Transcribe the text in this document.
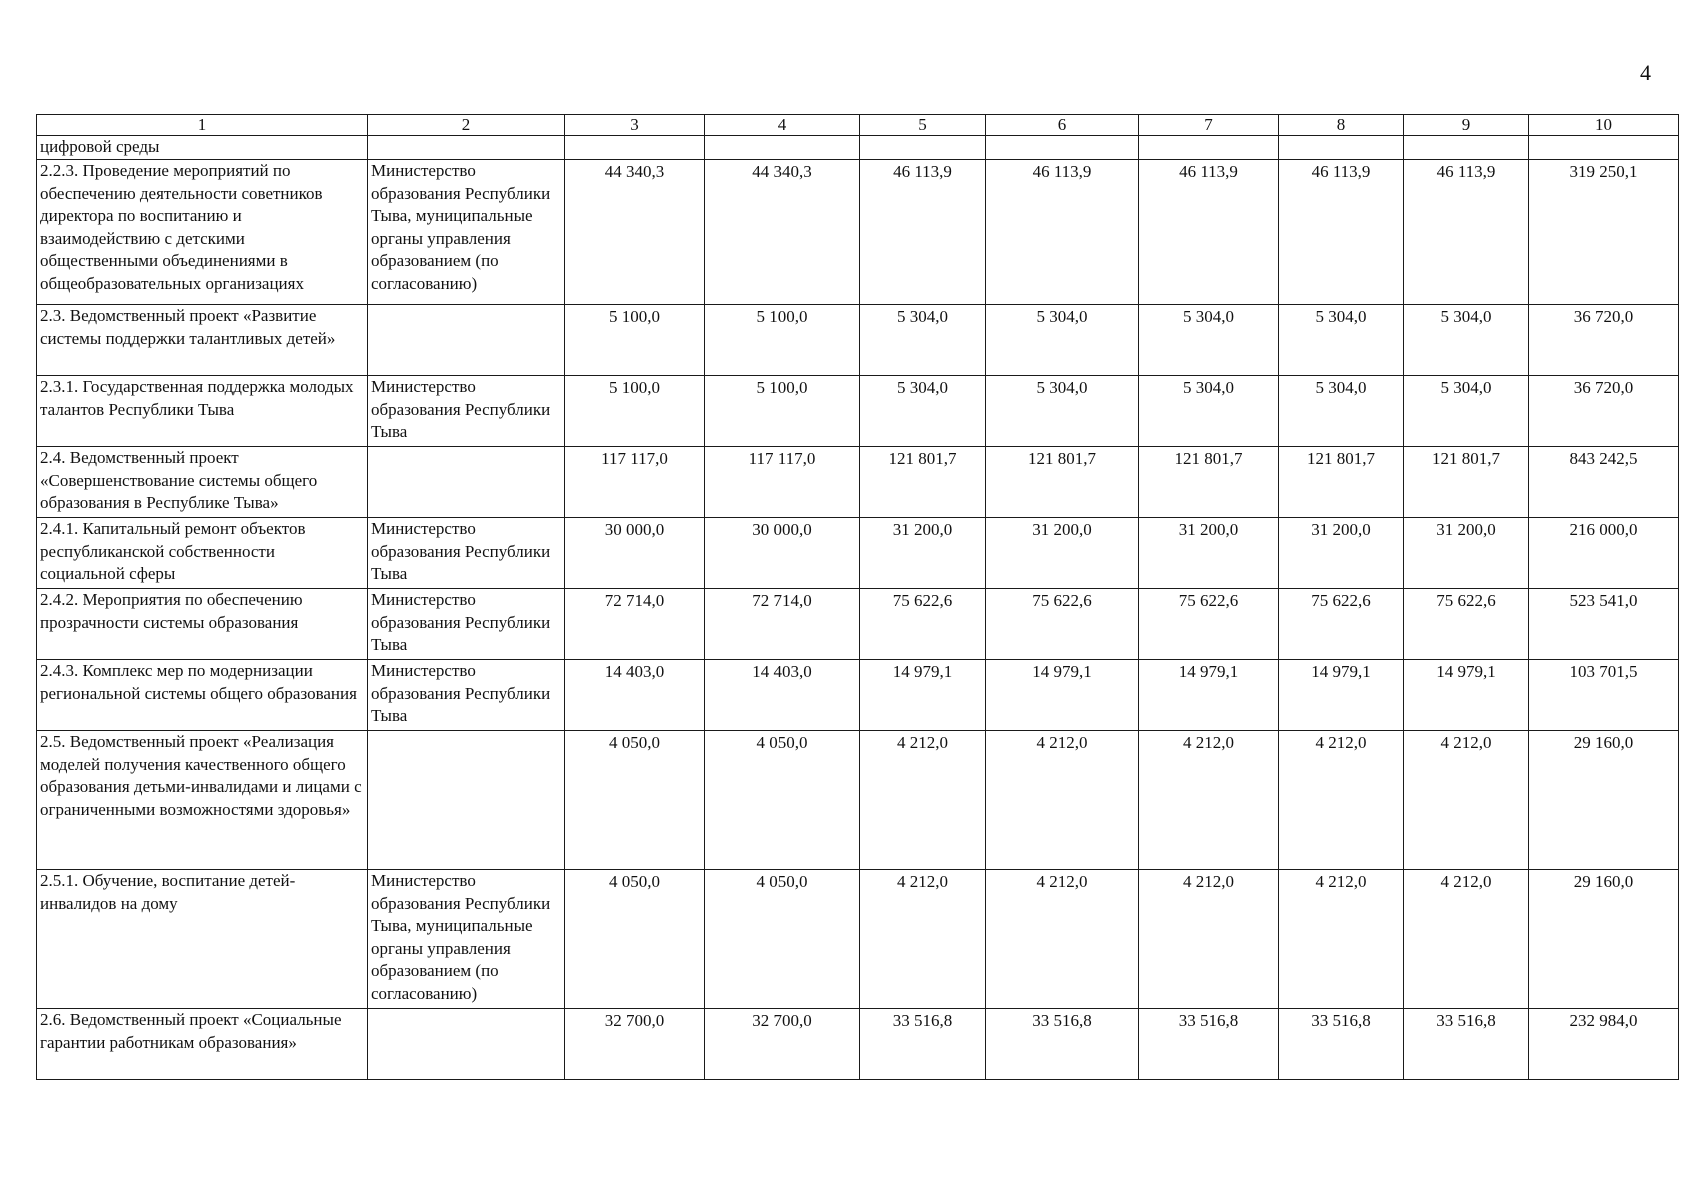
4
1	2	3	4	5	6	7	8	9	10
цифровой среды									
2.2.3. Проведение мероприятий по обеспечению деятельности советников директора по воспитанию и взаимодействию с детскими общественными объединениями в общеобразовательных организациях	Министерство образования Республики Тыва, муниципальные органы управления образованием (по согласованию)	44 340,3	44 340,3	46 113,9	46 113,9	46 113,9	46 113,9	46 113,9	319 250,1
2.3. Ведомственный проект «Развитие системы поддержки талантливых детей»		5 100,0	5 100,0	5 304,0	5 304,0	5 304,0	5 304,0	5 304,0	36 720,0
2.3.1. Государственная поддержка молодых талантов Республики Тыва	Министерство образования Республики Тыва	5 100,0	5 100,0	5 304,0	5 304,0	5 304,0	5 304,0	5 304,0	36 720,0
2.4. Ведомственный проект «Совершенствование системы общего образования в Республике Тыва»		117 117,0	117 117,0	121 801,7	121 801,7	121 801,7	121 801,7	121 801,7	843 242,5
2.4.1. Капитальный ремонт объектов республиканской собственности социальной сферы	Министерство образования Республики Тыва	30 000,0	30 000,0	31 200,0	31 200,0	31 200,0	31 200,0	31 200,0	216 000,0
2.4.2. Мероприятия по обеспечению прозрачности системы образования	Министерство образования Республики Тыва	72 714,0	72 714,0	75 622,6	75 622,6	75 622,6	75 622,6	75 622,6	523 541,0
2.4.3. Комплекс мер по модернизации региональной системы общего образования	Министерство образования Республики Тыва	14 403,0	14 403,0	14 979,1	14 979,1	14 979,1	14 979,1	14 979,1	103 701,5
2.5. Ведомственный проект «Реализация моделей получения качественного общего образования детьми-инвалидами и лицами с ограниченными возможностями здоровья»		4 050,0	4 050,0	4 212,0	4 212,0	4 212,0	4 212,0	4 212,0	29 160,0
2.5.1. Обучение, воспитание детей-инвалидов на дому	Министерство образования Республики Тыва, муниципальные органы управления образованием (по согласованию)	4 050,0	4 050,0	4 212,0	4 212,0	4 212,0	4 212,0	4 212,0	29 160,0
2.6. Ведомственный проект «Социальные гарантии работникам образования»		32 700,0	32 700,0	33 516,8	33 516,8	33 516,8	33 516,8	33 516,8	232 984,0
